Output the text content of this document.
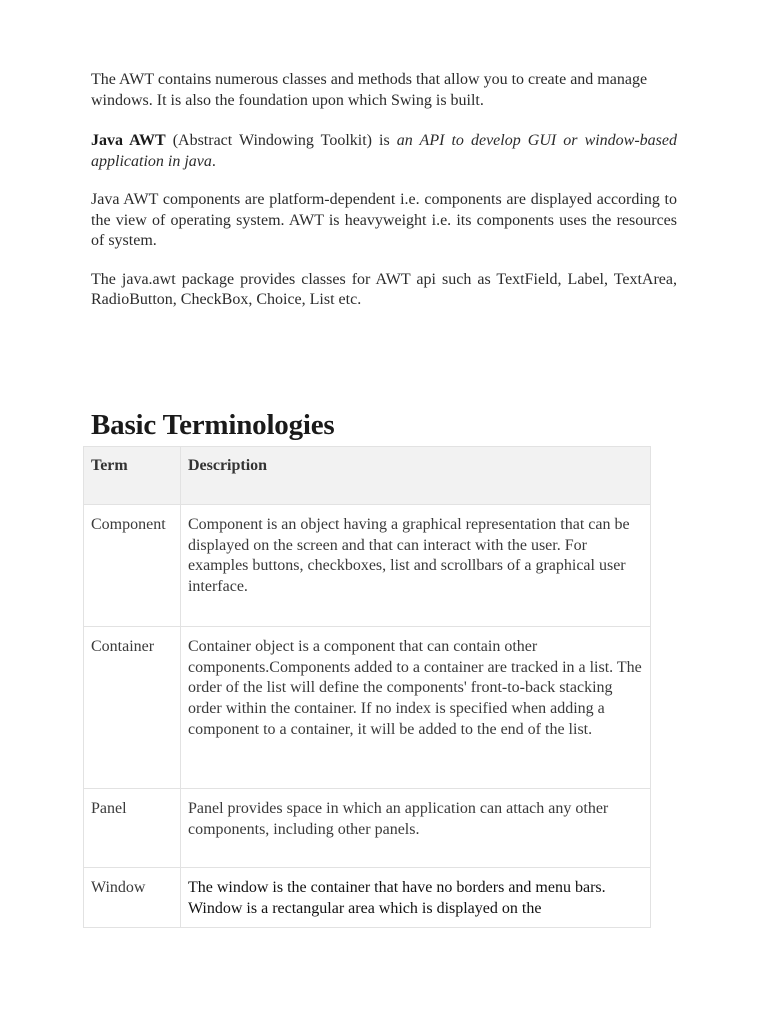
The AWT contains numerous classes and methods that allow you to create and manage windows. It is also the foundation upon which Swing is built.

Java AWT (Abstract Windowing Toolkit) is an API to develop GUI or window-based application in java.

Java AWT components are platform-dependent i.e. components are displayed according to the view of operating system. AWT is heavyweight i.e. its components uses the resources of system.

The java.awt package provides classes for AWT api such as TextField, Label, TextArea, RadioButton, CheckBox, Choice, List etc.

Basic Terminologies
Term	Description
Component	Component is an object having a graphical representation that can be displayed on the screen and that can interact with the user. For examples buttons, checkboxes, list and scrollbars of a graphical user interface.
Container	Container object is a component that can contain other components.Components added to a container are tracked in a list. The order of the list will define the components' front-to-back stacking order within the container. If no index is specified when adding a component to a container, it will be added to the end of the list.
Panel	Panel provides space in which an application can attach any other components, including other panels.
Window	The window is the container that have no borders and menu bars. Window is a rectangular area which is displayed on the
